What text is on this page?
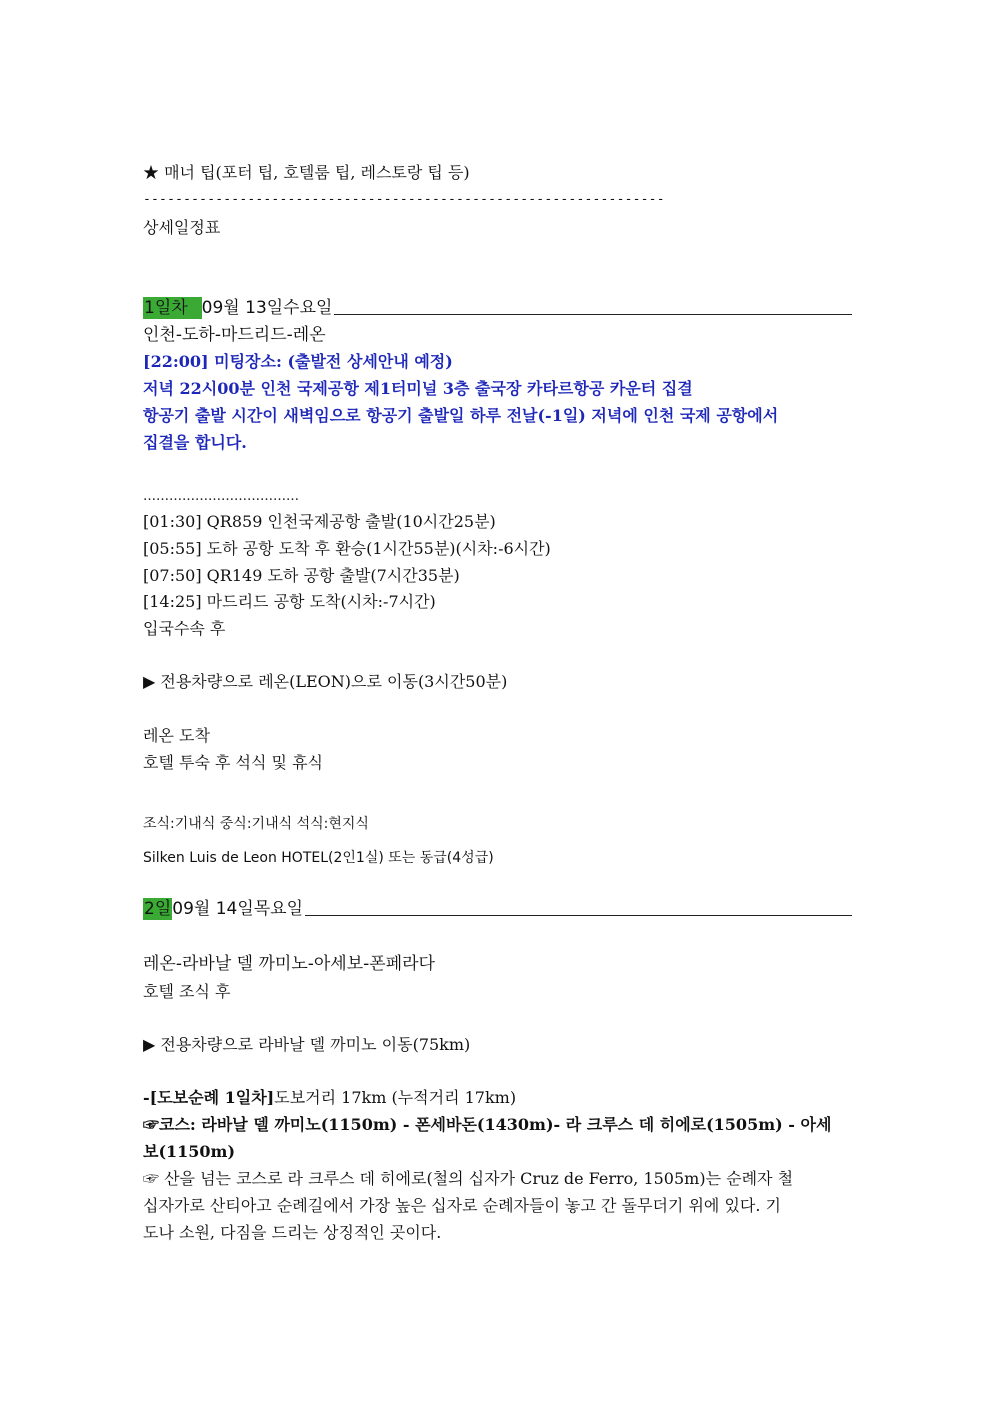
★ 매너 팁(포터 팁, 호텔룸 팁, 레스토랑 팁 등)
-----------------------------------------------------------------
상세일정표
1일차 09월 13일수요일
인천-도하-마드리드-레온
[22:00] 미팅장소: (출발전 상세안내 예정)
저녁 22시00분 인천 국제공항 제1터미널 3층 출국장 카타르항공 카운터 집결
항공기 출발 시간이 새벽임으로 항공기 출발일 하루 전날(-1일) 저녁에 인천 국제 공항에서
집결을 합니다.
………………………………
[01:30] QR859 인천국제공항 출발(10시간25분)
[05:55] 도하 공항 도착 후 환승(1시간55분)(시차:-6시간)
[07:50] QR149 도하 공항 출발(7시간35분)
[14:25] 마드리드 공항 도착(시차:-7시간)
입국수속 후
▶ 전용차량으로 레온(LEON)으로 이동(3시간50분)
레온 도착
호텔 투숙 후 석식 및 휴식
조식:기내식 중식:기내식 석식:현지식
Silken Luis de Leon HOTEL(2인1실) 또는 동급(4성급)
2일 09월 14일목요일
레온-라바날 델 까미노-아세보-폰페라다
호텔 조식 후
▶ 전용차량으로 라바날 델 까미노 이동(75km)
-[도보순례 1일차]도보거리 17km (누적거리 17km)
☞코스: 라바날 델 까미노(1150m) - 폰세바돈(1430m)- 라 크루스 데 히에로(1505m) - 아세
보(1150m)
☞ 산을 넘는 코스로 라 크루스 데 히에로(철의 십자가 Cruz de Ferro, 1505m)는 순례자 철
십자가로 산티아고 순례길에서 가장 높은 십자로 순례자들이 놓고 간 돌무더기 위에 있다. 기
도나 소원, 다짐을 드리는 상징적인 곳이다.
